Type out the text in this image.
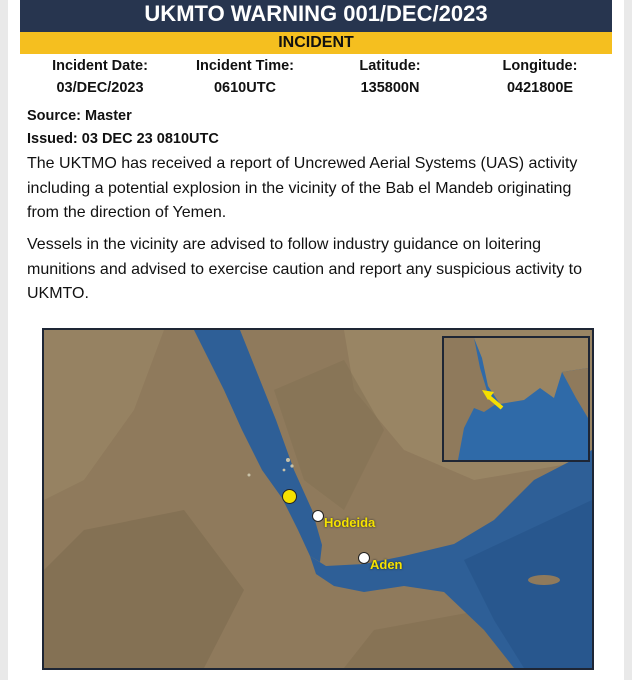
UKMTO WARNING 001/DEC/2023
INCIDENT
Incident Date:
03/DEC/2023
Incident Time:
0610UTC
Latitude:
135800N
Longitude:
0421800E
Source: Master
Issued: 03 DEC 23 0810UTC
The UKTMO has received a report of Uncrewed Aerial Systems (UAS) activity including a potential explosion in the vicinity of the Bab el Mandeb originating from the direction of Yemen.
Vessels in the vicinity are advised to follow industry guidance on loitering munitions and advised to exercise caution and report any suspicious activity to UKMTO.
Hodeida
Aden
